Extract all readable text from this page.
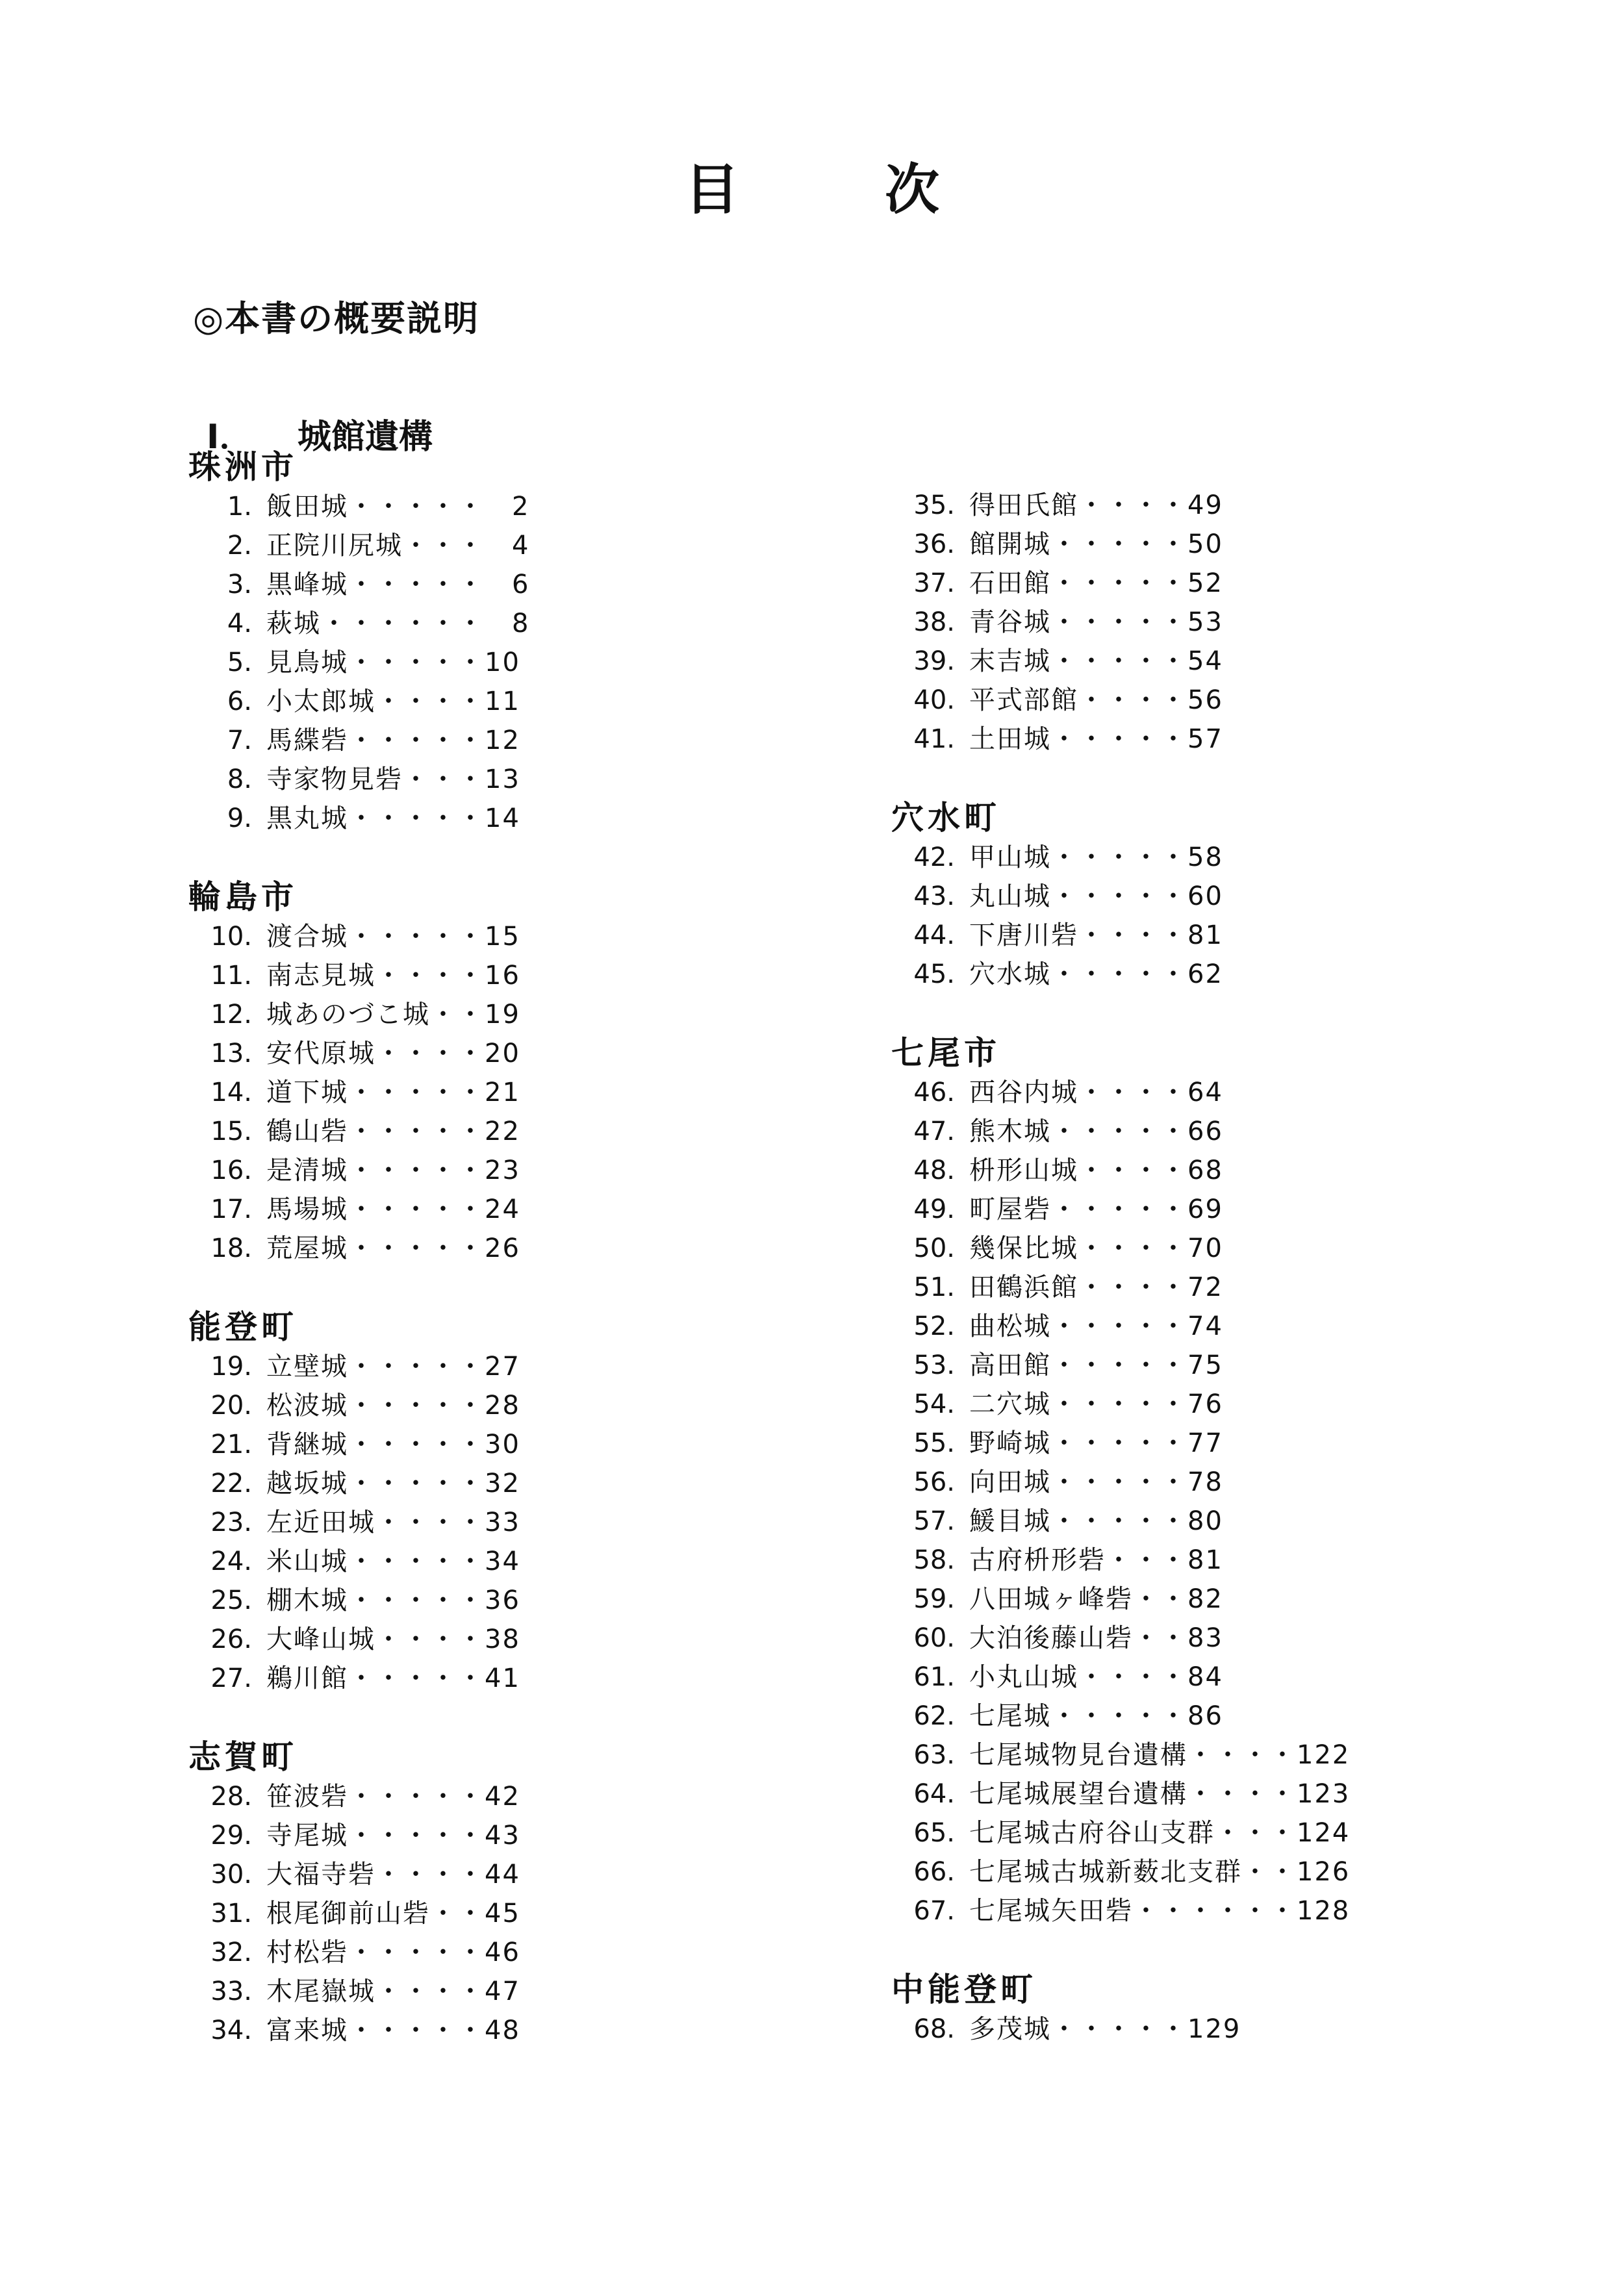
目　次
◎本書の概要説明
Ⅰ． 城館遺構
珠洲市
1. 飯田城・・・・・　2
2. 正院川尻城・・・　4
3. 黒峰城・・・・・　6
4. 萩城・・・・・・　8
5. 見鳥城・・・・・10
6. 小太郎城・・・・11
7. 馬緤砦・・・・・12
8. 寺家物見砦・・・13
9. 黒丸城・・・・・14
輪島市
10. 渡合城・・・・・15
11. 南志見城・・・・16
12. 城あのづこ城・・19
13. 安代原城・・・・20
14. 道下城・・・・・21
15. 鶴山砦・・・・・22
16. 是清城・・・・・23
17. 馬場城・・・・・24
18. 荒屋城・・・・・26
能登町
19. 立壁城・・・・・27
20. 松波城・・・・・28
21. 背継城・・・・・30
22. 越坂城・・・・・32
23. 左近田城・・・・33
24. 米山城・・・・・34
25. 棚木城・・・・・36
26. 大峰山城・・・・38
27. 鵜川館・・・・・41
志賀町
28. 笹波砦・・・・・42
29. 寺尾城・・・・・43
30. 大福寺砦・・・・44
31. 根尾御前山砦・・45
32. 村松砦・・・・・46
33. 木尾嶽城・・・・47
34. 富来城・・・・・48
35. 得田氏館・・・・49
36. 館開城・・・・・50
37. 石田館・・・・・52
38. 青谷城・・・・・53
39. 末吉城・・・・・54
40. 平式部館・・・・56
41. 土田城・・・・・57
穴水町
42. 甲山城・・・・・58
43. 丸山城・・・・・60
44. 下唐川砦・・・・81
45. 穴水城・・・・・62
七尾市
46. 西谷内城・・・・64
47. 熊木城・・・・・66
48. 枡形山城・・・・68
49. 町屋砦・・・・・69
50. 幾保比城・・・・70
51. 田鶴浜館・・・・72
52. 曲松城・・・・・74
53. 高田館・・・・・75
54. 二穴城・・・・・76
55. 野崎城・・・・・77
56. 向田城・・・・・78
57. 鰀目城・・・・・80
58. 古府枡形砦・・・81
59. 八田城ヶ峰砦・・82
60. 大泊後藤山砦・・83
61. 小丸山城・・・・84
62. 七尾城・・・・・86
63. 七尾城物見台遺構・・・・122
64. 七尾城展望台遺構・・・・123
65. 七尾城古府谷山支群・・・124
66. 七尾城古城新薮北支群・・126
67. 七尾城矢田砦・・・・・・128
中能登町
68. 多茂城・・・・・129
